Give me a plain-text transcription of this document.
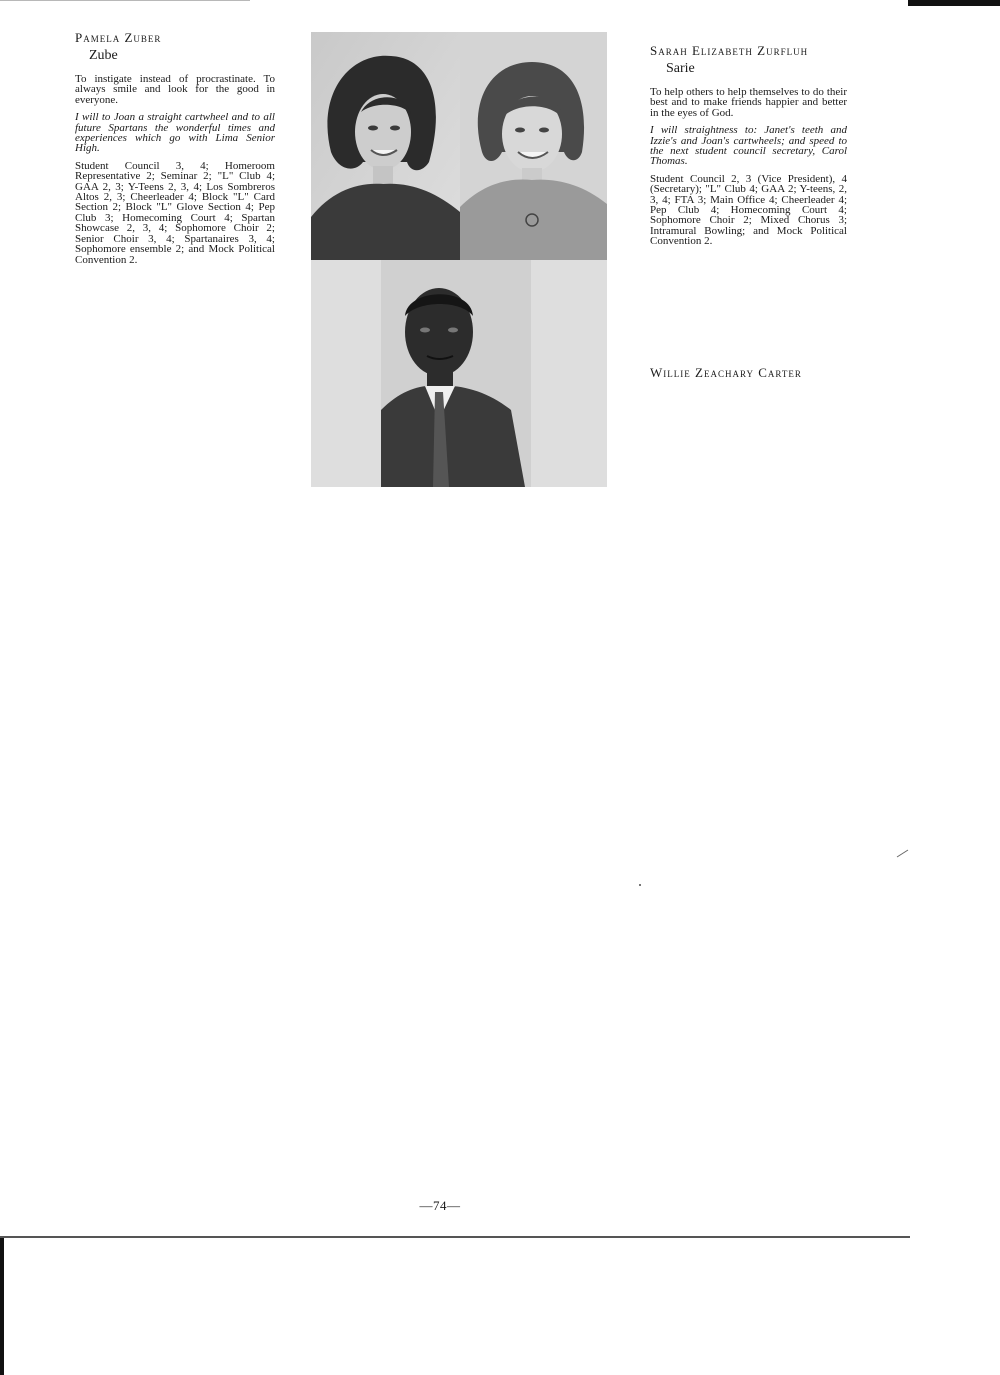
Pamela Zuber

Zube

To instigate instead of procrastinate. To always smile and look for the good in everyone.

I will to Joan a straight cartwheel and to all future Spartans the wonderful times and experiences which go with Lima Senior High.

Student Council 3, 4; Homeroom Representative 2; Seminar 2; "L" Club 4; GAA 2, 3; Y-Teens 2, 3, 4; Los Sombreros Altos 2, 3; Cheerleader 4; Block "L" Card Section 2; Block "L" Glove Section 4; Pep Club 3; Homecoming Court 4; Spartan Showcase 2, 3, 4; Sophomore Choir 2; Senior Choir 3, 4; Spartanaires 3, 4; Sophomore ensemble 2; and Mock Political Convention 2.

Sarah Elizabeth Zurfluh

Sarie

To help others to help themselves to do their best and to make friends happier and better in the eyes of God.

I will straightness to: Janet's teeth and Izzie's and Joan's cartwheels; and speed to the next student council secretary, Carol Thomas.

Student Council 2, 3 (Vice President), 4 (Secretary); "L" Club 4; GAA 2; Y-teens, 2, 3, 4; FTA 3; Main Office 4; Cheerleader 4; Pep Club 4; Homecoming Court 4; Sophomore Choir 2; Mixed Chorus 3; Intramural Bowling; and Mock Political Convention 2.

Willie Zeachary Carter

—74—
